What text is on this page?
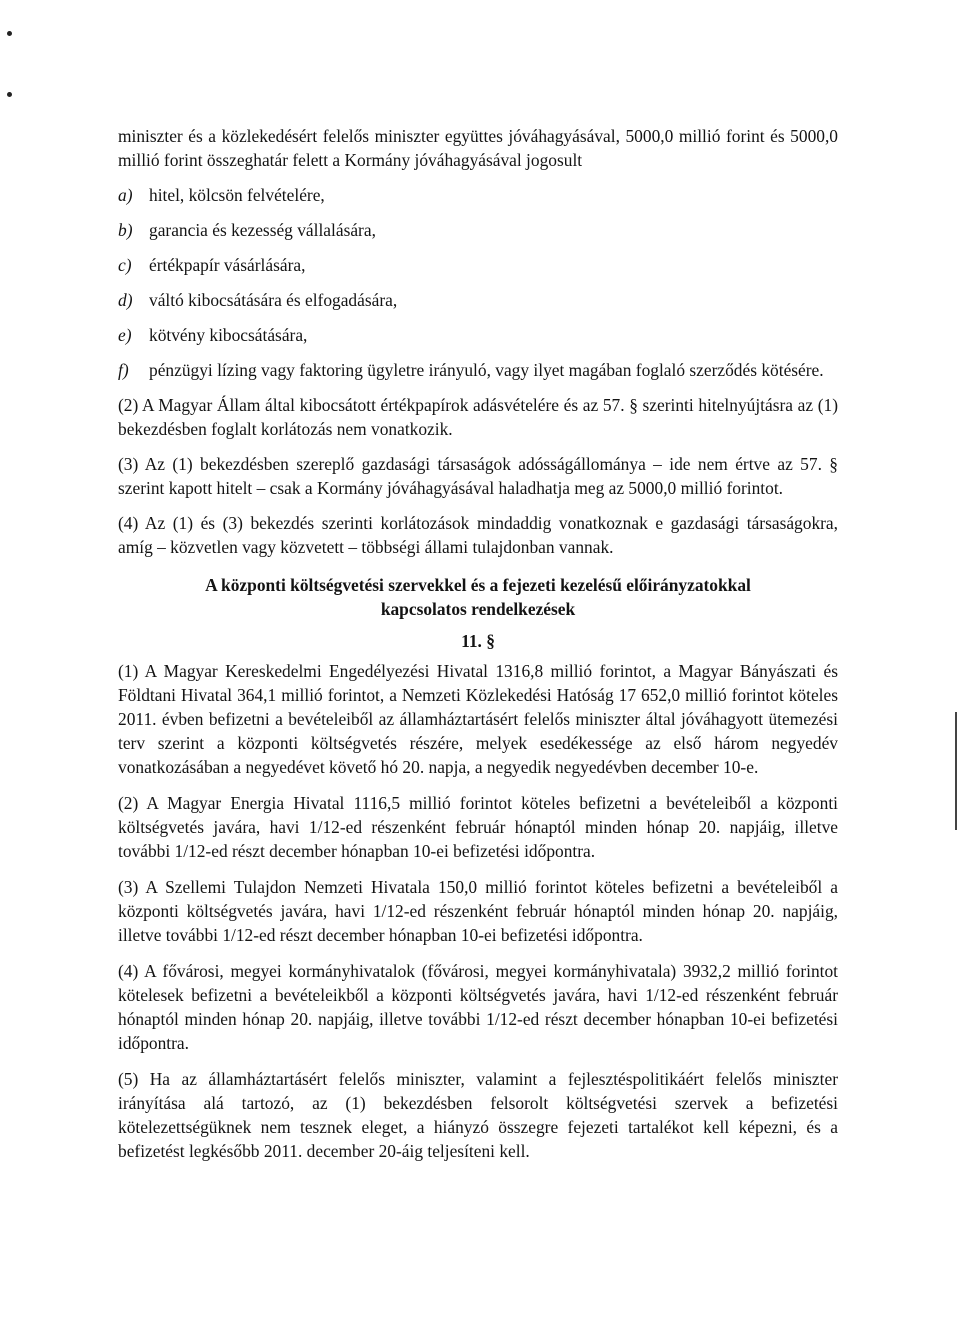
miniszter és a közlekedésért felelős miniszter együttes jóváhagyásával, 5000,0 millió forint és 5000,0 millió forint összeghatár felett a Kormány jóváhagyásával jogosult

a) hitel, kölcsön felvételére,

b) garancia és kezesség vállalására,

c) értékpapír vásárlására,

d) váltó kibocsátására és elfogadására,

e) kötvény kibocsátására,

f) pénzügyi lízing vagy faktoring ügyletre irányuló, vagy ilyet magában foglaló szerződés kötésére.

(2) A Magyar Állam által kibocsátott értékpapírok adásvételére és az 57. § szerinti hitelnyújtásra az (1) bekezdésben foglalt korlátozás nem vonatkozik.

(3) Az (1) bekezdésben szereplő gazdasági társaságok adósságállománya – ide nem értve az 57. § szerint kapott hitelt – csak a Kormány jóváhagyásával haladhatja meg az 5000,0 millió forintot.

(4) Az (1) és (3) bekezdés szerinti korlátozások mindaddig vonatkoznak e gazdasági társaságokra, amíg – közvetlen vagy közvetett – többségi állami tulajdonban vannak.

A központi költségvetési szervekkel és a fejezeti kezelésű előirányzatokkal
kapcsolatos rendelkezések

11. §

(1) A Magyar Kereskedelmi Engedélyezési Hivatal 1316,8 millió forintot, a Magyar Bányászati és Földtani Hivatal 364,1 millió forintot, a Nemzeti Közlekedési Hatóság 17 652,0 millió forintot köteles 2011. évben befizetni a bevételeiből az államháztartásért felelős miniszter által jóváhagyott ütemezési terv szerint a központi költségvetés részére, melyek esedékessége az első három negyedév vonatkozásában a negyedévet követő hó 20. napja, a negyedik negyedévben december 10-e.

(2) A Magyar Energia Hivatal 1116,5 millió forintot köteles befizetni a bevételeiből a központi költségvetés javára, havi 1/12-ed részenként február hónaptól minden hónap 20. napjáig, illetve további 1/12-ed részt december hónapban 10-ei befizetési időpontra.

(3) A Szellemi Tulajdon Nemzeti Hivatala 150,0 millió forintot köteles befizetni a bevételeiből a központi költségvetés javára, havi 1/12-ed részenként február hónaptól minden hónap 20. napjáig, illetve további 1/12-ed részt december hónapban 10-ei befizetési időpontra.

(4) A fővárosi, megyei kormányhivatalok (fővárosi, megyei kormányhivatala) 3932,2 millió forintot kötelesek befizetni a bevételeikből a központi költségvetés javára, havi 1/12-ed részenként február hónaptól minden hónap 20. napjáig, illetve további 1/12-ed részt december hónapban 10-ei befizetési időpontra.

(5) Ha az államháztartásért felelős miniszter, valamint a fejlesztéspolitikáért felelős miniszter irányítása alá tartozó, az (1) bekezdésben felsorolt költségvetési szervek a befizetési kötelezettségüknek nem tesznek eleget, a hiányzó összegre fejezeti tartalékot kell képezni, és a befizetést legkésőbb 2011. december 20-áig teljesíteni kell.
